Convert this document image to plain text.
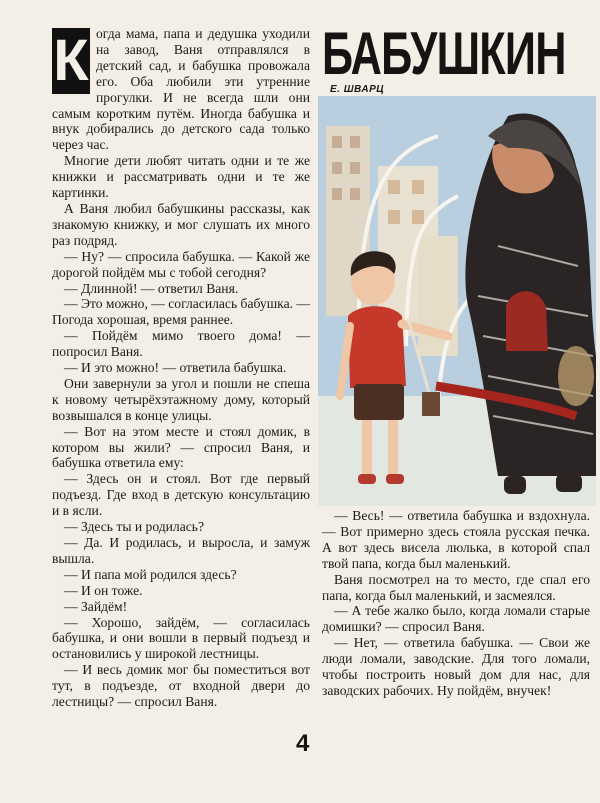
К огда мама, папа и дедушка уходили на завод, Ваня отправлялся в детский сад, и бабушка провожала его. Оба любили эти утренние прогулки. И не всегда шли они самым коротким путём. Иногда бабушка и внук добирались до детского сада только через час.

Многие дети любят читать одни и те же книжки и рассматривать одни и те же картинки.

А Ваня любил бабушкины рассказы, как знакомую книжку, и мог слушать их много раз подряд.

— Ну? — спросила бабушка. — Какой же дорогой пойдём мы с тобой сегодня?

— Длинной! — ответил Ваня.

— Это можно, — согласилась бабушка. — Погода хорошая, время раннее.

— Пойдём мимо твоего дома! — попросил Ваня.

— И это можно! — ответила бабушка.

Они завернули за угол и пошли не спеша к новому четырёхэтажному дому, который возвышался в конце улицы.

— Вот на этом месте и стоял домик, в котором вы жили? — спросил Ваня, и бабушка ответила ему:

— Здесь он и стоял. Вот где первый подъезд. Где вход в детскую консультацию и в ясли.

— Здесь ты и родилась?

— Да. И родилась, и выросла, и замуж вышла.

— И папа мой родился здесь?

— И он тоже.

— Зайдём!

— Хорошо, зайдём, — согласилась бабушка, и они вошли в первый подъезд и остановились у широкой лестницы.

— И весь домик мог бы поместиться вот тут, в подъезде, от входной двери до лестницы? — спросил Ваня.

БАБУШКИН
Е. ШВАРЦ

— Весь! — ответила бабушка и вздохнула. — Вот примерно здесь стояла русская печка. А вот здесь висела люлька, в которой спал твой папа, когда был маленький.

Ваня посмотрел на то место, где спал его папа, когда был маленький, и засмеялся.

— А тебе жалко было, когда ломали старые домишки? — спросил Ваня.

— Нет, — ответила бабушка. — Свои же люди ломали, заводские. Для того ломали, чтобы построить новый дом для нас, для заводских рабочих. Ну пойдём, внучек!

4
